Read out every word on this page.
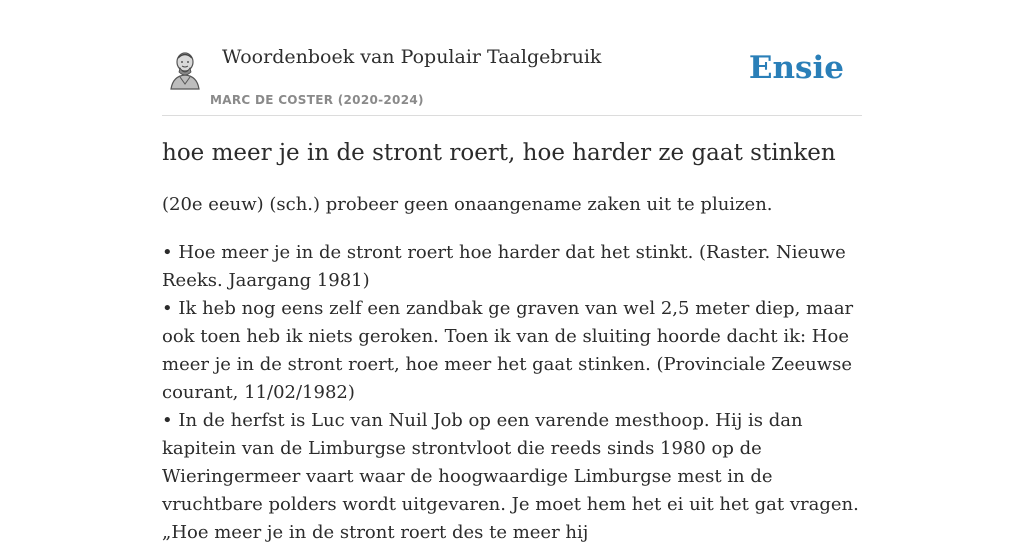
Woordenboek van Populair Taalgebruik
MARC DE COSTER (2020-2024)
Ensie
hoe meer je in de stront roert, hoe harder ze gaat stinken

(20e eeuw) (sch.) probeer geen onaangename zaken uit te pluizen.

• Hoe meer je in de stront roert hoe harder dat het stinkt. (Raster. Nieuwe Reeks. Jaargang 1981)
• Ik heb nog eens zelf een zandbak ge graven van wel 2,5 meter diep, maar ook toen heb ik niets geroken. Toen ik van de sluiting hoorde dacht ik: Hoe meer je in de stront roert, hoe meer het gaat stinken. (Provinciale Zeeuwse courant, 11/02/1982)
• In de herfst is Luc van Nuil Job op een varende mesthoop. Hij is dan kapitein van de Limburgse strontvloot die reeds sinds 1980 op de Wieringermeer vaart waar de hoogwaardige Limburgse mest in de vruchtbare polders wordt uitgevaren. Je moet hem het ei uit het gat vragen. „Hoe meer je in de stront roert des te meer hij
